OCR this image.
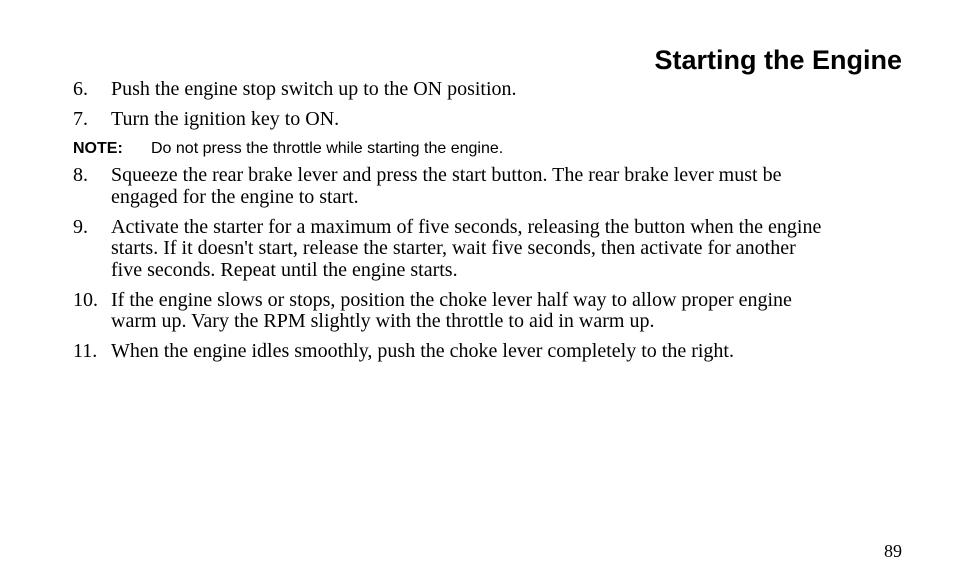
Starting the Engine
6.	Push the engine stop switch up to the ON position.
7.	Turn the ignition key to ON.
NOTE:	Do not press the throttle while starting the engine.
8.	Squeeze the rear brake lever and press the start button. The rear brake lever must be
engaged for the engine to start.
9.	Activate the starter for a maximum of five seconds, releasing the button when the engine
starts. If it doesn't start, release the starter, wait five seconds, then activate for another
five seconds. Repeat until the engine starts.
10. If the engine slows or stops, position the choke lever half way to allow proper engine
warm up. Vary the RPM slightly with the throttle to aid in warm up.
11. When the engine idles smoothly, push the choke lever completely to the right.
89
